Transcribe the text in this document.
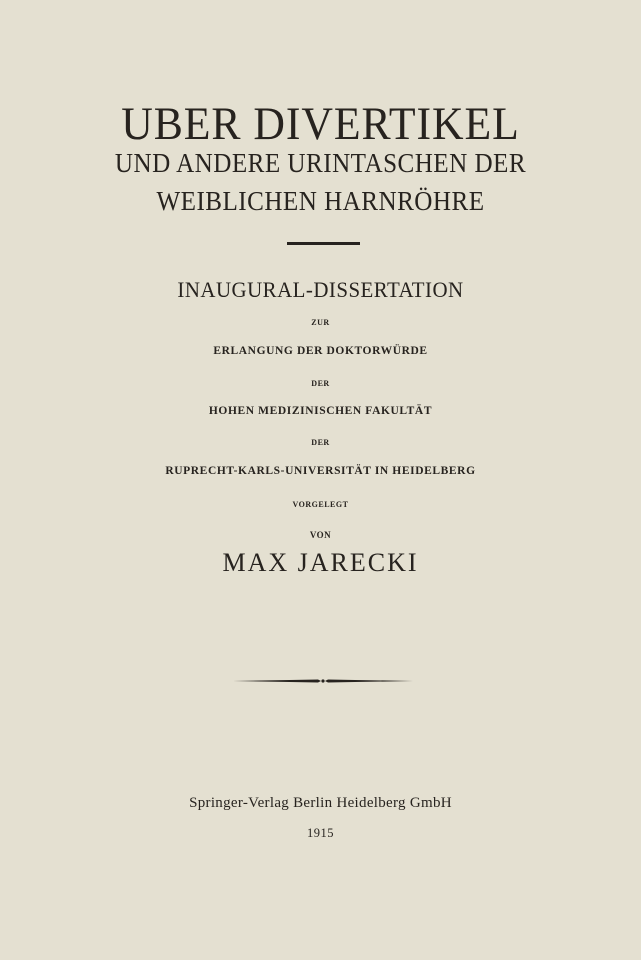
UBER DIVERTIKEL
UND ANDERE URINTASCHEN DER
WEIBLICHEN HARNRÖHRE
INAUGURAL-DISSERTATION
ZUR
ERLANGUNG DER DOKTORWÜRDE
DER
HOHEN MEDIZINISCHEN FAKULTÄT
DER
RUPRECHT-KARLS-UNIVERSITÄT IN HEIDELBERG
VORGELEGT
VON
MAX JARECKI
Springer-Verlag Berlin Heidelberg GmbH
1915
